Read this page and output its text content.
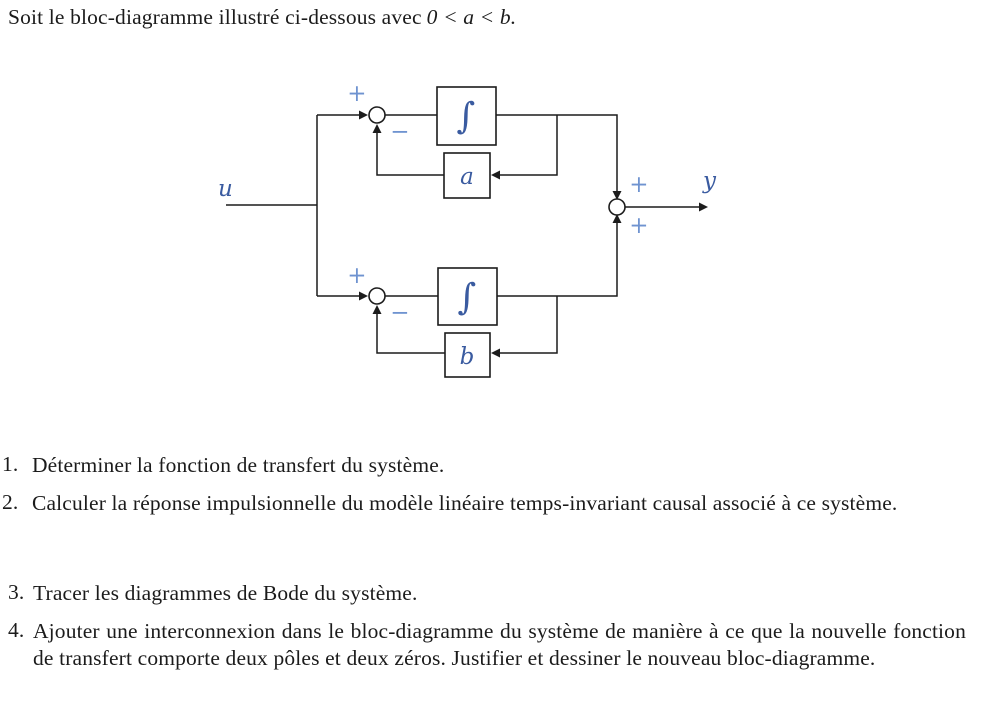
Soit le bloc-diagramme illustré ci-dessous avec 0 < a < b.

+
− ∫
a
+
− ∫
b
+
+
u	y
1. Déterminer la fonction de transfert du système.
2. Calculer la réponse impulsionnelle du modèle linéaire temps-invariant causal associé à ce système.
3. Tracer les diagrammes de Bode du système.
4. Ajouter une interconnexion dans le bloc-diagramme du système de manière à ce que la nouvelle fonction de transfert comporte deux pôles et deux zéros. Justifier et dessiner le nouveau bloc-diagramme.
